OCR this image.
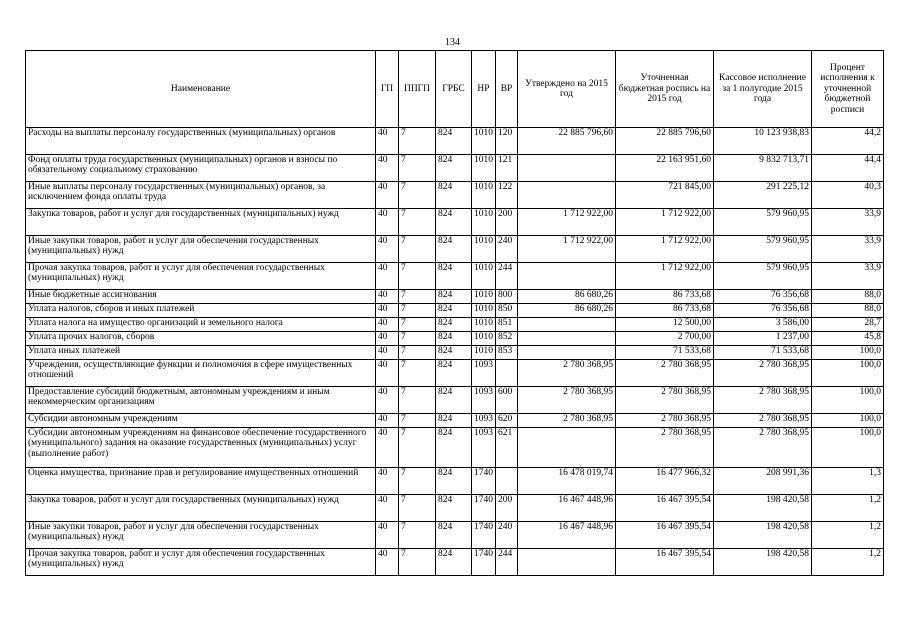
134
Наименование	ГП	ППГП	ГРБС	НР	ВР	Утверждено на 2015 год	Уточненная бюджетная роспись на 2015 год	Кассовое исполнение за 1 полугодие 2015 года	Процент исполнения к уточненной бюджетной росписи
Расходы на выплаты персоналу государственных (муниципальных) органов	40	7	824	1010	120	22 885 796,60	22 885 796,60	10 123 938,83	44,2
Фонд оплаты труда государственных (муниципальных) органов и взносы по обязательному социальному страхованию	40	7	824	1010	121		22 163 951,60	9 832 713,71	44,4
Иные выплаты персоналу государственных (муниципальных) органов, за исключением фонда оплаты труда	40	7	824	1010	122		721 845,00	291 225,12	40,3
Закупка товаров, работ и услуг для государственных (муниципальных) нужд	40	7	824	1010	200	1 712 922,00	1 712 922,00	579 960,95	33,9
Иные закупки товаров, работ и услуг для обеспечения государственных (муниципальных) нужд	40	7	824	1010	240	1 712 922,00	1 712 922,00	579 960,95	33,9
Прочая закупка товаров, работ и услуг для обеспечения государственных (муниципальных) нужд	40	7	824	1010	244		1 712 922,00	579 960,95	33,9
Иные бюджетные ассигнования	40	7	824	1010	800	86 680,26	86 733,68	76 356,68	88,0
Уплата налогов, сборов и иных платежей	40	7	824	1010	850	86 680,26	86 733,68	76 356,68	88,0
Уплата налога на имущество организаций и земельного налога	40	7	824	1010	851		12 500,00	3 586,00	28,7
Уплата прочих налогов, сборов	40	7	824	1010	852		2 700,00	1 237,00	45,8
Уплата иных платежей	40	7	824	1010	853		71 533,68	71 533,68	100,0
Учреждения, осуществляющие функции и полномочия в сфере имущественных отношений	40	7	824	1093		2 780 368,95	2 780 368,95	2 780 368,95	100,0
Предоставление субсидий бюджетным, автономным учреждениям и иным некоммерческим организациям	40	7	824	1093	600	2 780 368,95	2 780 368,95	2 780 368,95	100,0
Субсидии автономным учреждениям	40	7	824	1093	620	2 780 368,95	2 780 368,95	2 780 368,95	100,0
Субсидии автономным учреждениям на финансовое обеспечение государственного (муниципального) задания на оказание государственных (муниципальных) услуг (выполнение работ)	40	7	824	1093	621		2 780 368,95	2 780 368,95	100,0
Оценка имущества, признание прав и регулирование имущественных отношений	40	7	824	1740		16 478 019,74	16 477 966,32	208 991,36	1,3
Закупка товаров, работ и услуг для государственных (муниципальных) нужд	40	7	824	1740	200	16 467 448,96	16 467 395,54	198 420,58	1,2
Иные закупки товаров, работ и услуг для обеспечения государственных (муниципальных) нужд	40	7	824	1740	240	16 467 448,96	16 467 395,54	198 420,58	1,2
Прочая закупка товаров, работ и услуг для обеспечения государственных (муниципальных) нужд	40	7	824	1740	244		16 467 395,54	198 420,58	1,2
